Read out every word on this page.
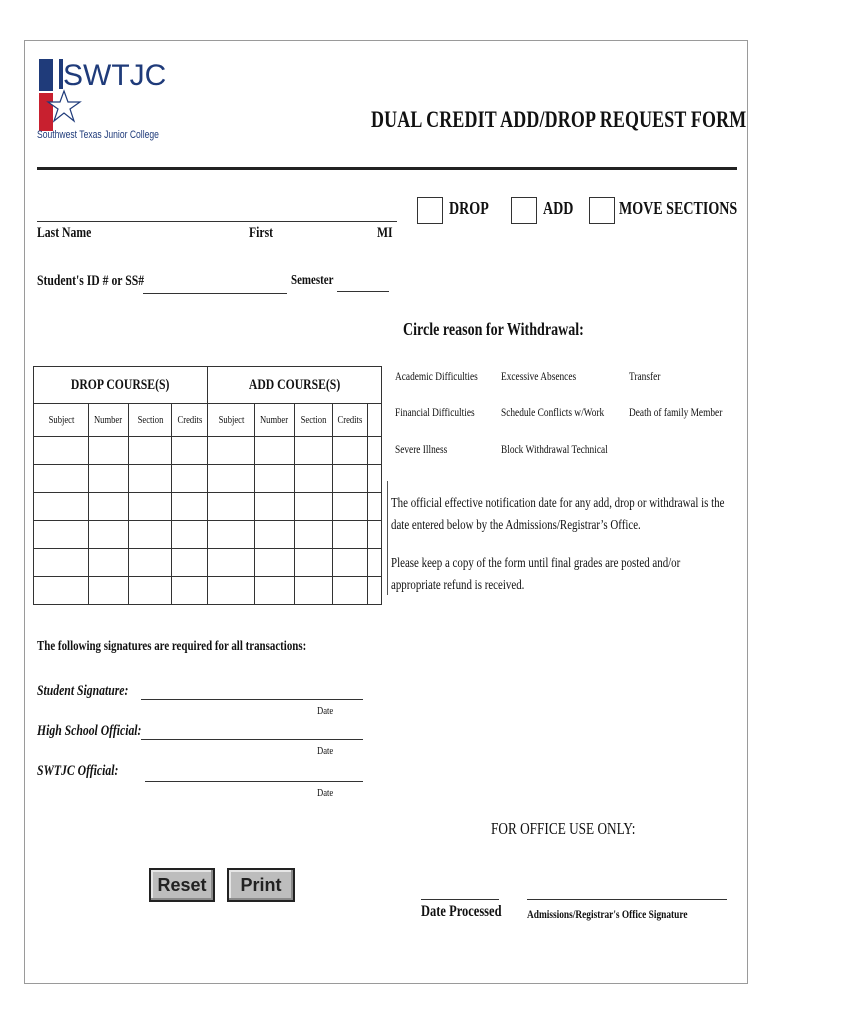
SWTJC
Southwest Texas Junior College
DUAL CREDIT ADD/DROP REQUEST FORM
Last Name	First	MI
DROP	ADD	MOVE SECTIONS
Student's ID # or SS#	Semester
Circle reason for Withdrawal:
DROP COURSE(S)				ADD COURSE(S)				
Subject	Number	Section	Credits	Subject	Number	Section	Credits	

Academic Difficulties	Excessive Absences	Transfer
Financial Difficulties	Schedule Conflicts w/Work	Death of family Member
Severe Illness	Block Withdrawal Technical
The official effective notification date for any add, drop or withdrawal is the date entered below by the Admissions/Registrar’s Office.
Please keep a copy of the form until final grades are posted and/or appropriate refund is received.
The following signatures are required for all transactions:
Student Signature:
Date
High School Official:
Date
SWTJC Official:
Date
FOR OFFICE USE ONLY:
Reset	Print
Date Processed	Admissions/Registrar's Office Signature
